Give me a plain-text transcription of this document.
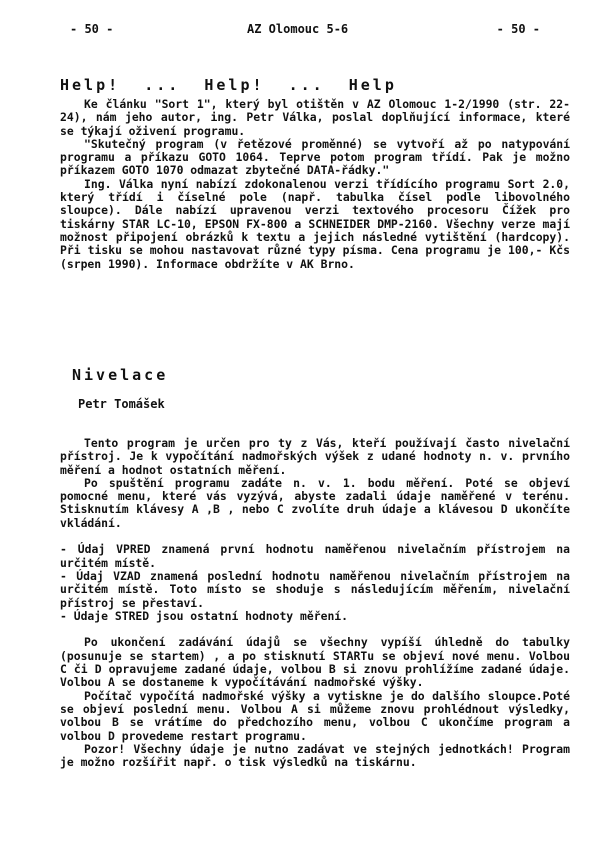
- 50 -	AZ Olomouc 5-6	- 50 -
Help!  ...  Help!  ...  Help

Ke článku "Sort 1", který byl otištěn v AZ Olomouc 1-2/1990 (str. 22-24), nám jeho autor, ing. Petr Válka, poslal doplňující informace, které se týkají oživení programu.

"Skutečný program (v řetězové proměnné) se vytvoří až po natypování programu a příkazu GOTO 1064. Teprve potom program třídí. Pak je možno příkazem GOTO 1070 odmazat zbytečné DATA-řádky."

Ing. Válka nyní nabízí zdokonalenou verzi třídícího programu Sort 2.0, který třídí i číselné pole (např. tabulka čísel podle libovolného sloupce). Dále nabízí upravenou verzi textového procesoru Čížek pro tiskárny STAR LC-10, EPSON FX-800 a SCHNEIDER DMP-2160. Všechny verze mají možnost připojení obrázků k textu a jejich následné vytištění (hardcopy). Při tisku se mohou nastavovat různé typy písma. Cena programu je 100,- Kčs (srpen 1990). Informace obdržíte v AK Brno.

Nivelace
Petr Tomášek

Tento program je určen pro ty z Vás, kteří používají často nivelační přístroj. Je k vypočítání nadmořských výšek z udané hodnoty n. v. prvního měření a hodnot ostatních měření.

Po spuštění programu zadáte n. v. 1. bodu měření. Poté se objeví pomocné menu, které vás vyzývá, abyste zadali údaje naměřené v terénu. Stisknutím klávesy A ,B , nebo C zvolíte druh údaje a klávesou D ukončíte vkládání.

- Údaj VPRED znamená první hodnotu naměřenou nivelačním přístrojem na určitém místě.

- Údaj VZAD znamená poslední hodnotu naměřenou nivelačním přístrojem na určitém místě. Toto místo se shoduje s následujícím měřením, nivelační přístroj se přestaví.

- Údaje STRED jsou ostatní hodnoty měření.

Po ukončení zadávání údajů se všechny vypíší úhledně do tabulky (posunuje se startem) , a po stisknutí STARTu se objeví nové menu. Volbou C či D opravujeme zadané údaje, volbou B si znovu prohlížíme zadané údaje. Volbou A se dostaneme k vypočítávání nadmořské výšky.

Počítač vypočítá nadmořské výšky a vytiskne je do dalšího sloupce.Poté se objeví poslední menu. Volbou A si můžeme znovu prohlédnout výsledky, volbou B se vrátíme do předchozího menu, volbou C ukončíme program a volbou D provedeme restart programu.

Pozor! Všechny údaje je nutno zadávat ve stejných jednotkách! Program je možno rozšířit např. o tisk výsledků na tiskárnu.
